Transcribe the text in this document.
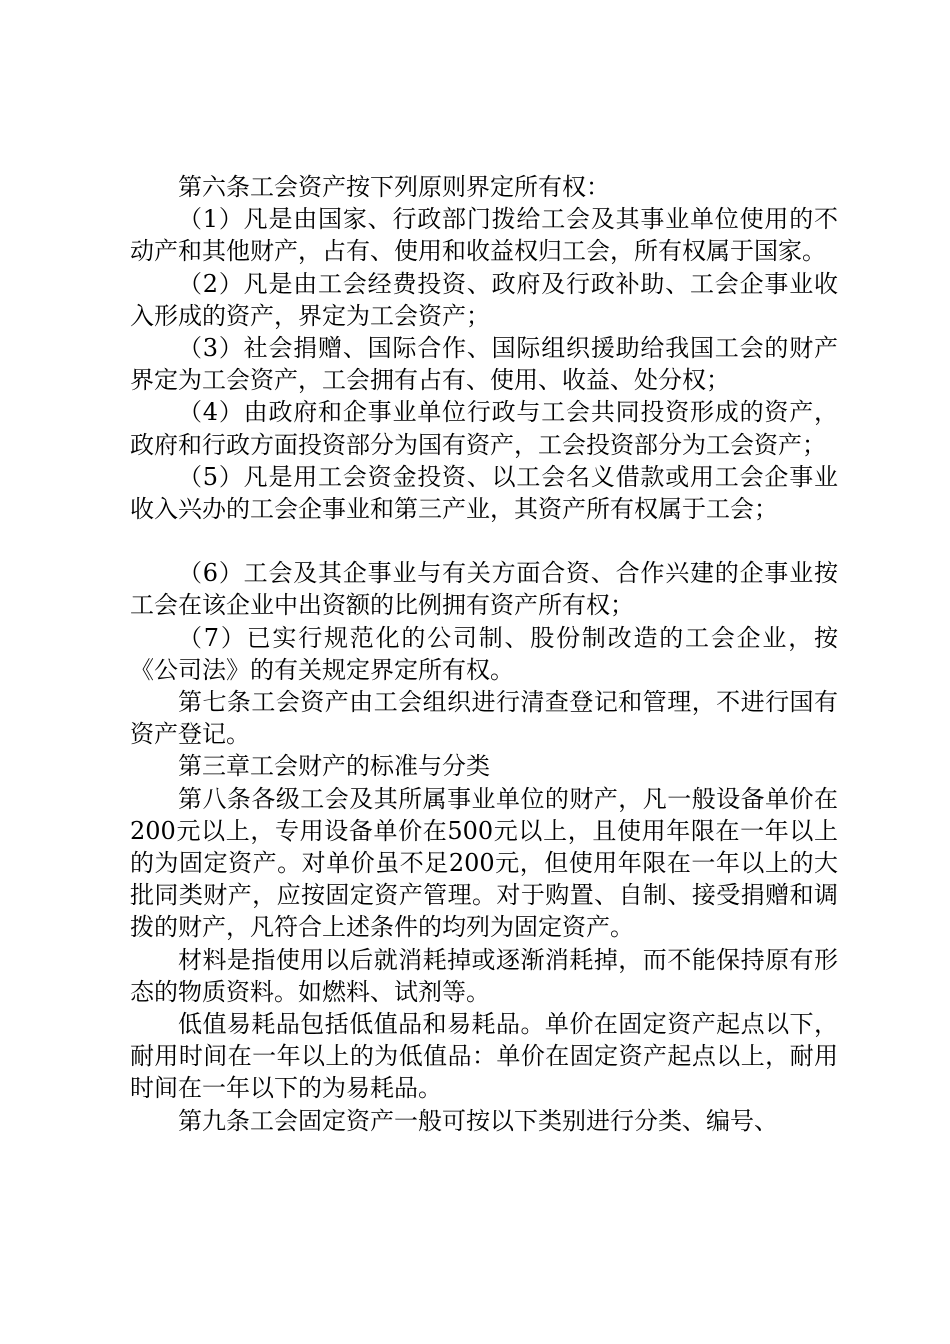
第六条工会资产按下列原则界定所有权：

（1）凡是由国家、行政部门拨给工会及其事业单位使用的不动产和其他财产，占有、使用和收益权归工会，所有权属于国家。

（2）凡是由工会经费投资、政府及行政补助、工会企事业收入形成的资产，界定为工会资产；

（3）社会捐赠、国际合作、国际组织援助给我国工会的财产界定为工会资产，工会拥有占有、使用、收益、处分权；

（4）由政府和企事业单位行政与工会共同投资形成的资产，政府和行政方面投资部分为国有资产，工会投资部分为工会资产；

（5）凡是用工会资金投资、以工会名义借款或用工会企事业收入兴办的工会企事业和第三产业，其资产所有权属于工会；

（6）工会及其企事业与有关方面合资、合作兴建的企事业按工会在该企业中出资额的比例拥有资产所有权；

（7）已实行规范化的公司制、股份制改造的工会企业，按《公司法》的有关规定界定所有权。

第七条工会资产由工会组织进行清查登记和管理，不进行国有资产登记。

第三章工会财产的标准与分类

第八条各级工会及其所属事业单位的财产，凡一般设备单价在200元以上，专用设备单价在500元以上，且使用年限在一年以上的为固定资产。对单价虽不足200元，但使用年限在一年以上的大批同类财产，应按固定资产管理。对于购置、自制、接受捐赠和调拨的财产，凡符合上述条件的均列为固定资产。

材料是指使用以后就消耗掉或逐渐消耗掉，而不能保持原有形态的物质资料。如燃料、试剂等。

低值易耗品包括低值品和易耗品。单价在固定资产起点以下，耐用时间在一年以上的为低值品：单价在固定资产起点以上，耐用时间在一年以下的为易耗品。

第九条工会固定资产一般可按以下类别进行分类、编号、
